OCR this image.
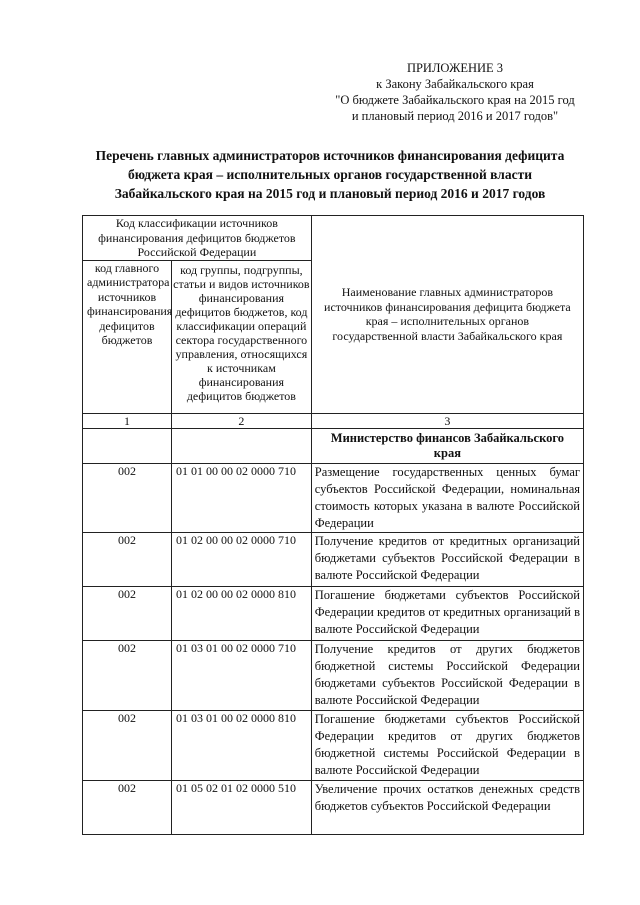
ПРИЛОЖЕНИЕ 3
к Закону Забайкальского края
"О бюджете Забайкальского края на 2015 год
и плановый период 2016 и 2017 годов"
Перечень главных администраторов источников финансирования дефицита
бюджета края – исполнительных органов государственной власти
Забайкальского края на 2015 год и плановый период 2016 и 2017 годов
Код классификации источников финансирования дефицитов бюджетов Российской Федерации		Наименование главных администраторов источников финансирования дефицита бюджета края – исполнительных органов государственной власти Забайкальского края
код главного администратора источников финансирования дефицитов бюджетов	код группы, подгруппы, статьи и видов источников финансирования дефицитов бюджетов, код классификации операций сектора государственного управления, относящихся к источникам финансирования дефицитов бюджетов	
1	2	3
		Министерство финансов Забайкальского края
002	01 01 00 00 02 0000 710	Размещение государственных ценных бумаг субъектов Российской Федерации, номинальная стоимость которых указана в валюте Российской Федерации
002	01 02 00 00 02 0000 710	Получение кредитов от кредитных организаций бюджетами субъектов Российской Федерации в валюте Российской Федерации
002	01 02 00 00 02 0000 810	Погашение бюджетами субъектов Российской Федерации кредитов от кредитных организаций в валюте Российской Федерации
002	01 03 01 00 02 0000 710	Получение кредитов от других бюджетов бюджетной системы Российской Федерации бюджетами субъектов Российской Федерации в валюте Российской Федерации
002	01 03 01 00 02 0000 810	Погашение бюджетами субъектов Российской Федерации кредитов от других бюджетов бюджетной системы Российской Федерации в валюте Российской Федерации
002	01 05 02 01 02 0000 510	Увеличение прочих остатков денежных средств бюджетов субъектов Российской Федерации
